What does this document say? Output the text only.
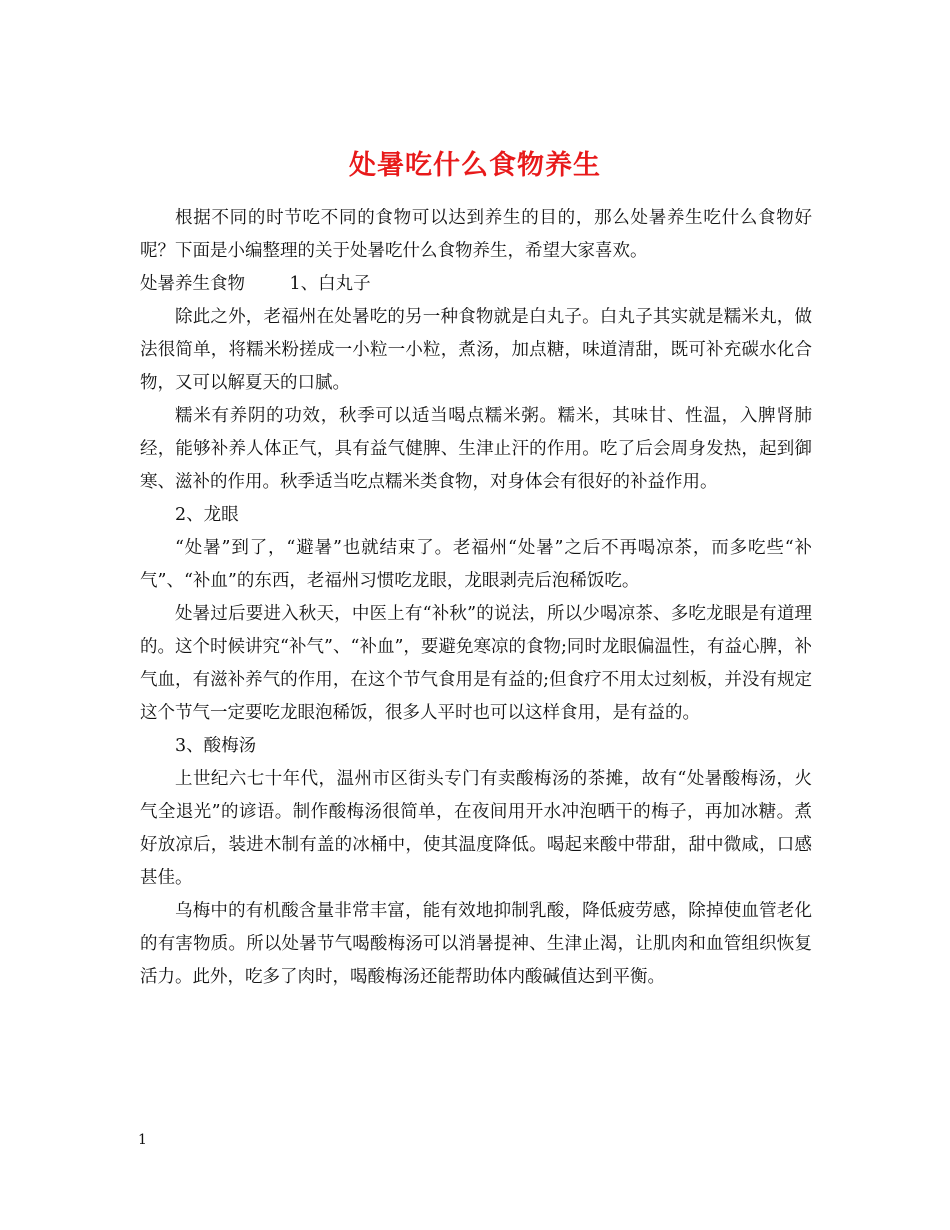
处暑吃什么食物养生

根据不同的时节吃不同的食物可以达到养生的目的，那么处暑养生吃什么食物好呢？下面是小编整理的关于处暑吃什么食物养生，希望大家喜欢。

处暑养生食物	1、白丸子

除此之外，老福州在处暑吃的另一种食物就是白丸子。白丸子其实就是糯米丸，做法很简单，将糯米粉搓成一小粒一小粒，煮汤，加点糖，味道清甜，既可补充碳水化合物，又可以解夏天的口腻。

糯米有养阴的功效，秋季可以适当喝点糯米粥。糯米，其味甘、性温，入脾肾肺经，能够补养人体正气，具有益气健脾、生津止汗的作用。吃了后会周身发热，起到御寒、滋补的作用。秋季适当吃点糯米类食物，对身体会有很好的补益作用。

2、龙眼

“处暑”到了，“避暑”也就结束了。老福州“处暑”之后不再喝凉茶，而多吃些“补气”、“补血”的东西，老福州习惯吃龙眼，龙眼剥壳后泡稀饭吃。

处暑过后要进入秋天，中医上有“补秋”的说法，所以少喝凉茶、多吃龙眼是有道理的。这个时候讲究“补气”、“补血”，要避免寒凉的食物;同时龙眼偏温性，有益心脾，补气血，有滋补养气的作用，在这个节气食用是有益的;但食疗不用太过刻板，并没有规定这个节气一定要吃龙眼泡稀饭，很多人平时也可以这样食用，是有益的。

3、酸梅汤

上世纪六七十年代，温州市区街头专门有卖酸梅汤的茶摊，故有“处暑酸梅汤，火气全退光”的谚语。制作酸梅汤很简单，在夜间用开水冲泡晒干的梅子，再加冰糖。煮好放凉后，装进木制有盖的冰桶中，使其温度降低。喝起来酸中带甜，甜中微咸，口感甚佳。

乌梅中的有机酸含量非常丰富，能有效地抑制乳酸，降低疲劳感，除掉使血管老化的有害物质。所以处暑节气喝酸梅汤可以消暑提神、生津止渴，让肌肉和血管组织恢复活力。此外，吃多了肉时，喝酸梅汤还能帮助体内酸碱值达到平衡。

1
